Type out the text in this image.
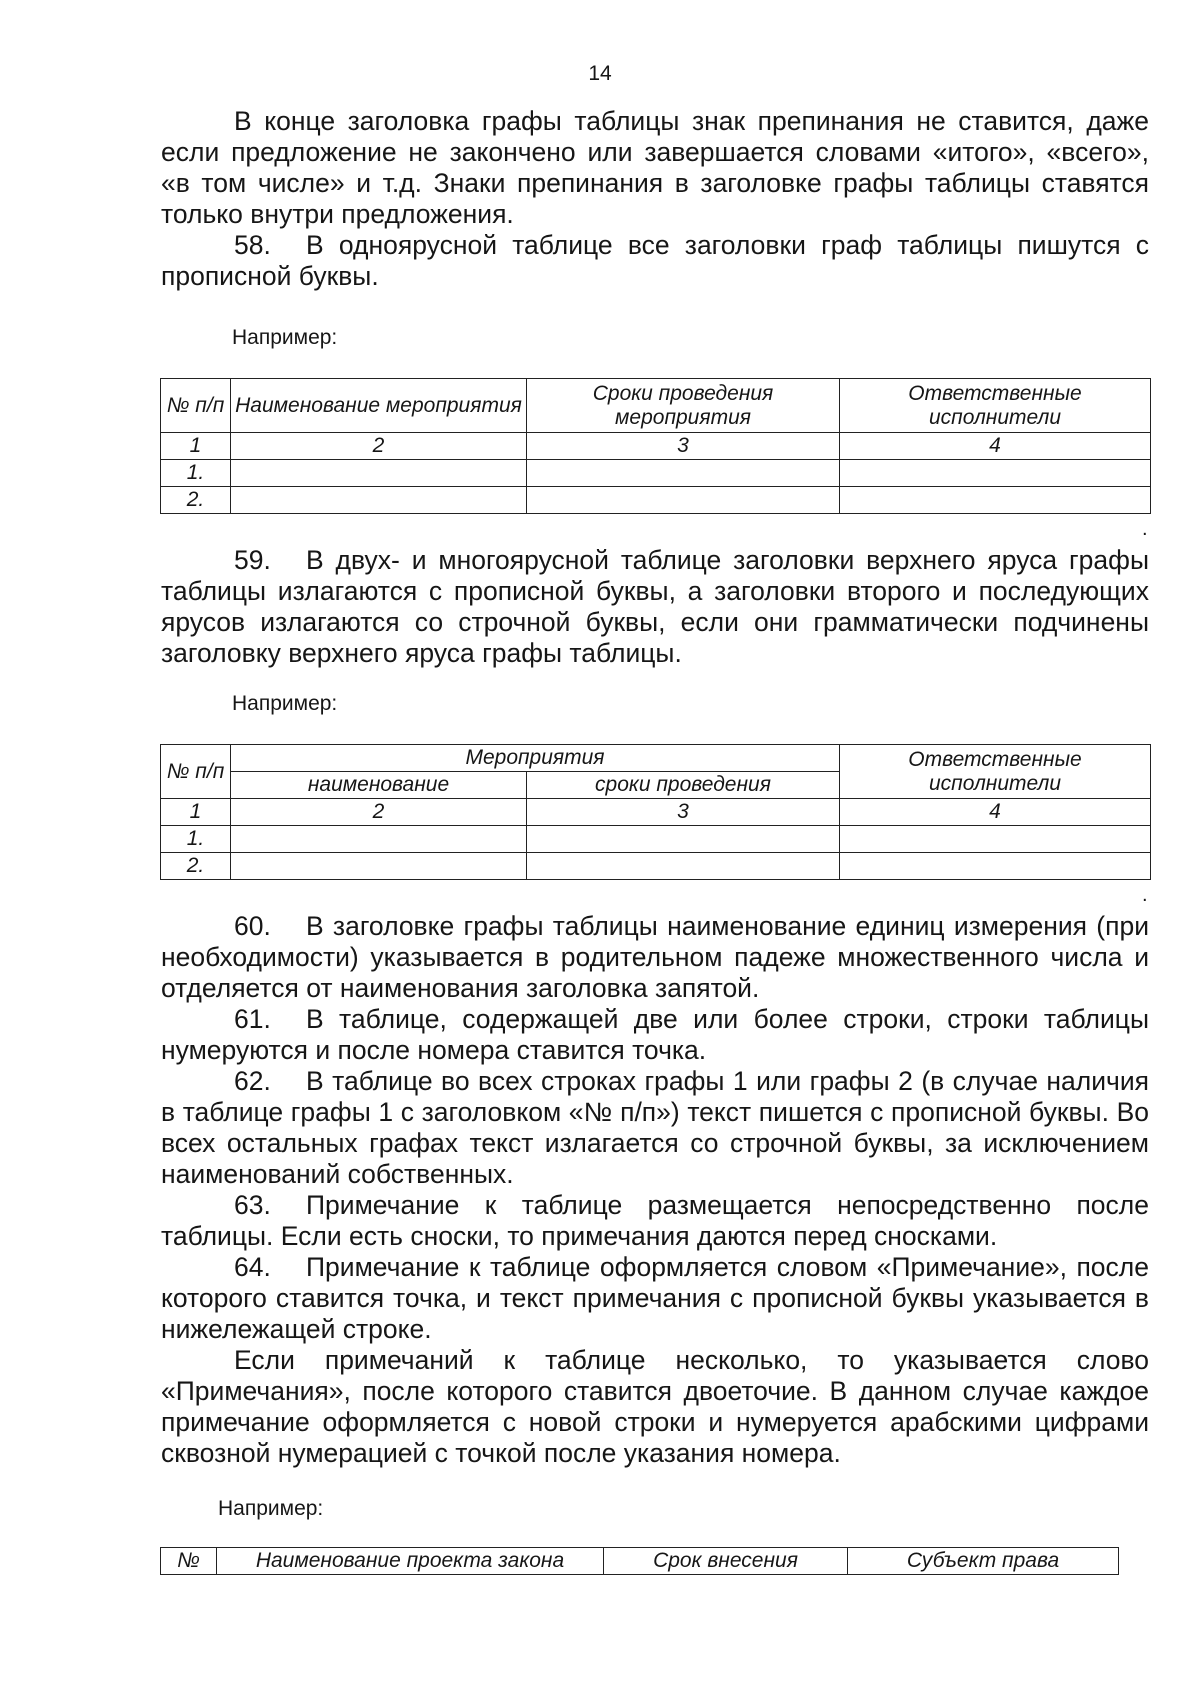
14

В конце заголовка графы таблицы знак препинания не ставится, даже если предложение не закончено или завершается словами «итого», «всего», «в том числе» и т.д. Знаки препинания в заголовке графы таблицы ставятся только внутри предложения.

58. В одноярусной таблице все заголовки граф таблицы пишутся с прописной буквы.

Например:
№ п/п	Наименование мероприятия	Сроки проведения мероприятия	Ответственные исполнители
1	2	3	4
1.			
2.			
.

59. В двух- и многоярусной таблице заголовки верхнего яруса графы таблицы излагаются с прописной буквы, а заголовки второго и последующих ярусов излагаются со строчной буквы, если они грамматически подчинены заголовку верхнего яруса графы таблицы.

Например:
№ п/п	Мероприятия		Ответственные исполнители
	наименование	сроки проведения	
1	2	3	4
1.			
2.			
.

60. В заголовке графы таблицы наименование единиц измерения (при необходимости) указывается в родительном падеже множественного числа и отделяется от наименования заголовка запятой.

61. В таблице, содержащей две или более строки, строки таблицы нумеруются и после номера ставится точка.

62. В таблице во всех строках графы 1 или графы 2 (в случае наличия в таблице графы 1 с заголовком «№ п/п») текст пишется с прописной буквы. Во всех остальных графах текст излагается со строчной буквы, за исключением наименований собственных.

63. Примечание к таблице размещается непосредственно после таблицы. Если есть сноски, то примечания даются перед сносками.

64. Примечание к таблице оформляется словом «Примечание», после которого ставится точка, и текст примечания с прописной буквы указывается в нижележащей строке.

Если примечаний к таблице несколько, то указывается слово «Примечания», после которого ставится двоеточие. В данном случае каждое примечание оформляется с новой строки и нумеруется арабскими цифрами сквозной нумерацией с точкой после указания номера.

Например:
№	Наименование проекта закона	Срок внесения	Субъект права
